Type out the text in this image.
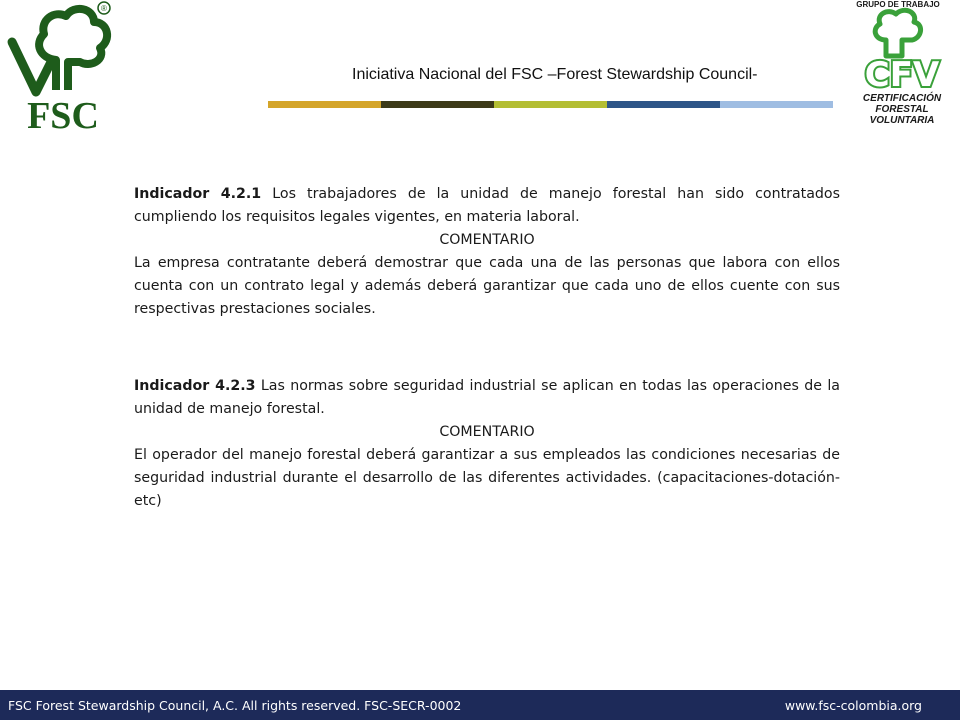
®
FSC
GRUPO DE TRABAJO
CFV
CERTIFICACIÓN
FORESTAL
VOLUNTARIA
Iniciativa Nacional del FSC –Forest Stewardship Council-

Indicador 4.2.1 Los trabajadores de la unidad de manejo forestal han sido contratados cumpliendo los requisitos legales vigentes, en materia laboral.

COMENTARIO

La empresa contratante deberá demostrar que cada una de las personas que labora con ellos cuenta con un contrato legal y además deberá garantizar que cada uno de ellos cuente con sus respectivas prestaciones sociales.

Indicador 4.2.3 Las normas sobre seguridad industrial se aplican en todas las operaciones de la unidad de manejo forestal.

COMENTARIO

El operador del manejo forestal deberá garantizar a sus empleados las condiciones necesarias de seguridad industrial durante el desarrollo de las diferentes actividades. (capacitaciones-dotación-etc)

FSC Forest Stewardship Council, A.C. All rights reserved. FSC-SECR-0002	www.fsc-colombia.org
